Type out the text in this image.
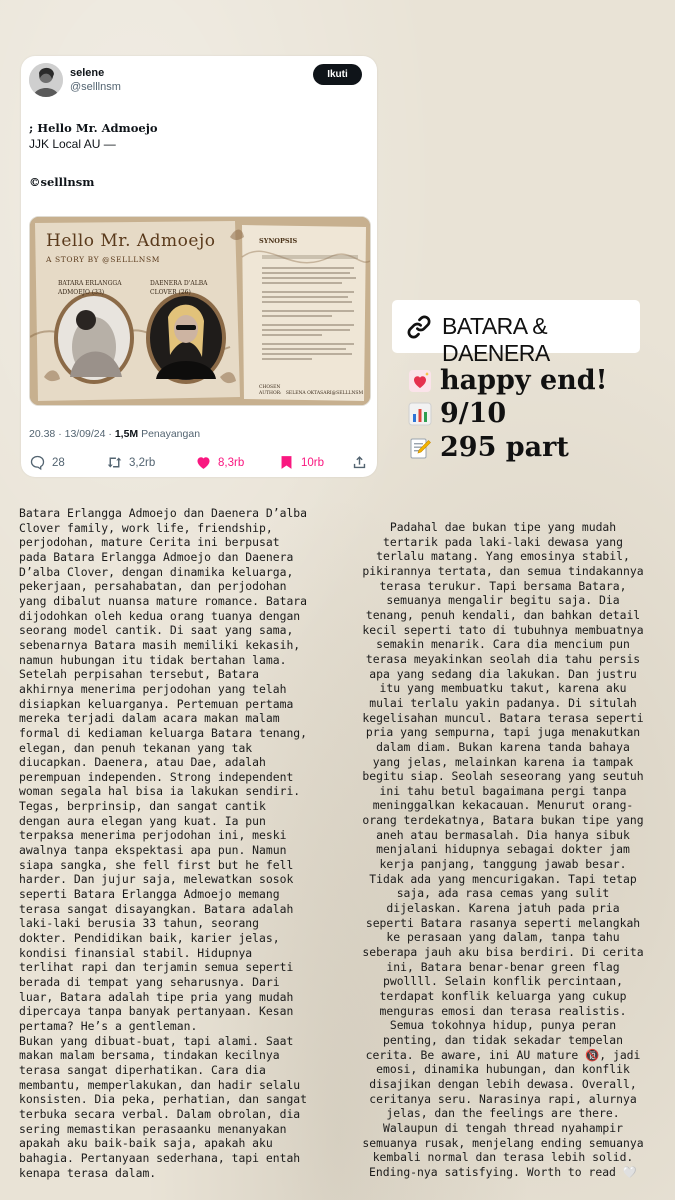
selene
@selllnsm
Ikuti
; Hello Mr. Admoejo
JJK Local AU —
©selllnsm
Hello Mr. Admoejo
A STORY BY @SELLLNSM
BATARA ERLANGGA
ADMOEJO (33)
DAENERA D'ALBA
CLOVER (26)
SYNOPSIS
CHOSEN
AUTHOR:   SELENA OKTASARI@SELLLNSM
20.38 · 13/09/24 · 1,5M Penayangan
28	3,2rb	8,3rb	10rb
BATARA & DAENERA
happy end!
9/10
295 part

Batara Erlangga Admoejo dan Daenera D’alba

Clover family, work life, friendship,

perjodohan, mature Cerita ini berpusat

pada Batara Erlangga Admoejo dan Daenera

D’alba Clover, dengan dinamika keluarga,

pekerjaan, persahabatan, dan perjodohan

yang dibalut nuansa mature romance. Batara

dijodohkan oleh kedua orang tuanya dengan

seorang model cantik. Di saat yang sama,

sebenarnya Batara masih memiliki kekasih,

namun hubungan itu tidak bertahan lama.

Setelah perpisahan tersebut, Batara

akhirnya menerima perjodohan yang telah

disiapkan keluarganya. Pertemuan pertama

mereka terjadi dalam acara makan malam

formal di kediaman keluarga Batara tenang,

elegan, dan penuh tekanan yang tak

diucapkan. Daenera, atau Dae, adalah

perempuan independen. Strong independent

woman segala hal bisa ia lakukan sendiri.

Tegas, berprinsip, dan sangat cantik

dengan aura elegan yang kuat. Ia pun

terpaksa menerima perjodohan ini, meski

awalnya tanpa ekspektasi apa pun. Namun

siapa sangka, she fell first but he fell

harder. Dan jujur saja, melewatkan sosok

seperti Batara Erlangga Admoejo memang

terasa sangat disayangkan. Batara adalah

laki-laki berusia 33 tahun, seorang

dokter. Pendidikan baik, karier jelas,

kondisi finansial stabil. Hidupnya

terlihat rapi dan terjamin semua seperti

berada di tempat yang seharusnya. Dari

luar, Batara adalah tipe pria yang mudah

dipercaya tanpa banyak pertanyaan. Kesan

pertama? He’s a gentleman.

Bukan yang dibuat-buat, tapi alami. Saat

makan malam bersama, tindakan kecilnya

terasa sangat diperhatikan. Cara dia

membantu, memperlakukan, dan hadir selalu

konsisten. Dia peka, perhatian, dan sangat

terbuka secara verbal. Dalam obrolan, dia

sering memastikan perasaanku menanyakan

apakah aku baik-baik saja, apakah aku

bahagia. Pertanyaan sederhana, tapi entah

kenapa terasa dalam.

Padahal dae bukan tipe yang mudah

tertarik pada laki-laki dewasa yang

terlalu matang. Yang emosinya stabil,

pikirannya tertata, dan semua tindakannya

terasa terukur. Tapi bersama Batara,

semuanya mengalir begitu saja. Dia

tenang, penuh kendali, dan bahkan detail

kecil seperti tato di tubuhnya membuatnya

semakin menarik. Cara dia mencium pun

terasa meyakinkan seolah dia tahu persis

apa yang sedang dia lakukan. Dan justru

itu yang membuatku takut, karena aku

mulai terlalu yakin padanya. Di situlah

kegelisahan muncul. Batara terasa seperti

pria yang sempurna, tapi juga menakutkan

dalam diam. Bukan karena tanda bahaya

yang jelas, melainkan karena ia tampak

begitu siap. Seolah seseorang yang seutuh

ini tahu betul bagaimana pergi tanpa

meninggalkan kekacauan. Menurut orang-

orang terdekatnya, Batara bukan tipe yang

aneh atau bermasalah. Dia hanya sibuk

menjalani hidupnya sebagai dokter jam

kerja panjang, tanggung jawab besar.

Tidak ada yang mencurigakan. Tapi tetap

saja, ada rasa cemas yang sulit

dijelaskan. Karena jatuh pada pria

seperti Batara rasanya seperti melangkah

ke perasaan yang dalam, tanpa tahu

seberapa jauh aku bisa berdiri. Di cerita

ini, Batara benar-benar green flag

pwollll. Selain konflik percintaan,

terdapat konflik keluarga yang cukup

menguras emosi dan terasa realistis.

Semua tokohnya hidup, punya peran

penting, dan tidak sekadar tempelan

cerita. Be aware, ini AU mature 🔞, jadi

emosi, dinamika hubungan, dan konflik

disajikan dengan lebih dewasa. Overall,

ceritanya seru. Narasinya rapi, alurnya

jelas, dan the feelings are there.

Walaupun di tengah thread nyahampir

semuanya rusak, menjelang ending semuanya

kembali normal dan terasa lebih solid.

Ending-nya satisfying. Worth to read 🤍
